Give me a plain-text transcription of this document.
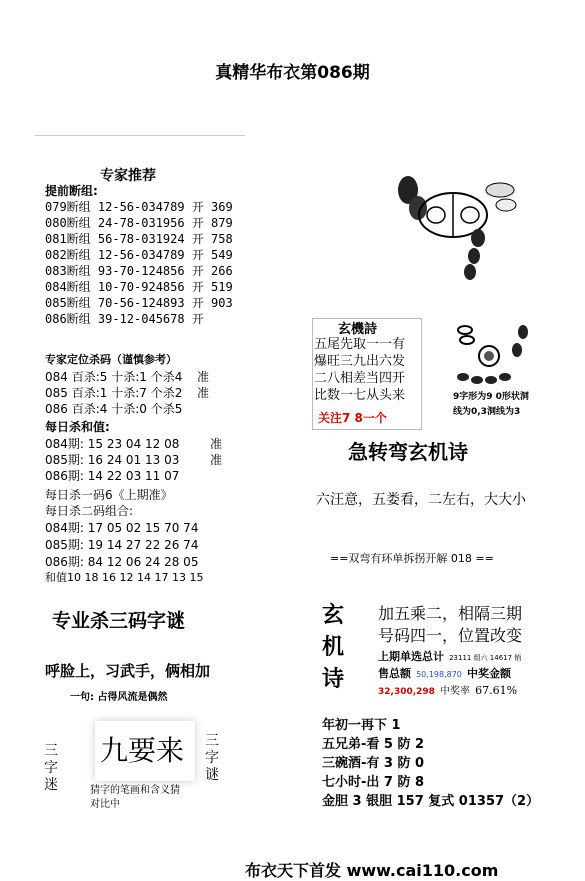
真精华布衣第086期
专家推荐
提前断组:
079断组 12-56-034789 开 369
080断组 24-78-031956 开 879
081断组 56-78-031924 开 758
082断组 12-56-034789 开 549
083断组 93-70-124856 开 266
084断组 10-70-924856 开 519
085断组 70-56-124893 开 903
086断组 39-12-045678 开
专家定位杀码（谨慎参考）
084 百杀:5 十杀:1 个杀4 准
085 百杀:1 十杀:7 个杀2 准
086 百杀:4 十杀:0 个杀5
每日杀和值:
084期: 15 23 04 12 08	准
085期: 16 24 01 13 03	准
086期: 14 22 03 11 07
每日杀一码6《上期准》
每日杀二码组合:
084期: 17 05 02 15 70 74
085期: 19 14 27 22 26 74
086期: 84 12 06 24 28 05
和值10 18 16 12 14 17 13 15
专业杀三码字谜
呼脸上，习武手，俩相加
一句: 占得风流是偶然
三字迷
九要来 三字谜
猜字的笔画和含义猜
对比中
玄機詩
五尾先取一一有
爆旺三九出六发
二八相差当四开
比数一七从头来
关注7 8一个
9字形为9 0形状洞
线为0,3洞线为3
急转弯玄机诗
六汪意，五娄看，二左右，大大小
==双弯有环单拆拐开解 018 ==
玄
机
诗
加五乘二，相隔三期
号码四一，位置改变
上期单选总计 23111 组六 14617 销
售总额 50,198,870 中奖金额
32,300,298 中奖率 67.61%
年初一再下 1
五兄弟-看 5 防 2
三碗酒-有 3 防 0
七小时-出 7 防 8
金胆 3 银胆 157 复式 01357（2）
布衣天下首发 www.cai110.com
